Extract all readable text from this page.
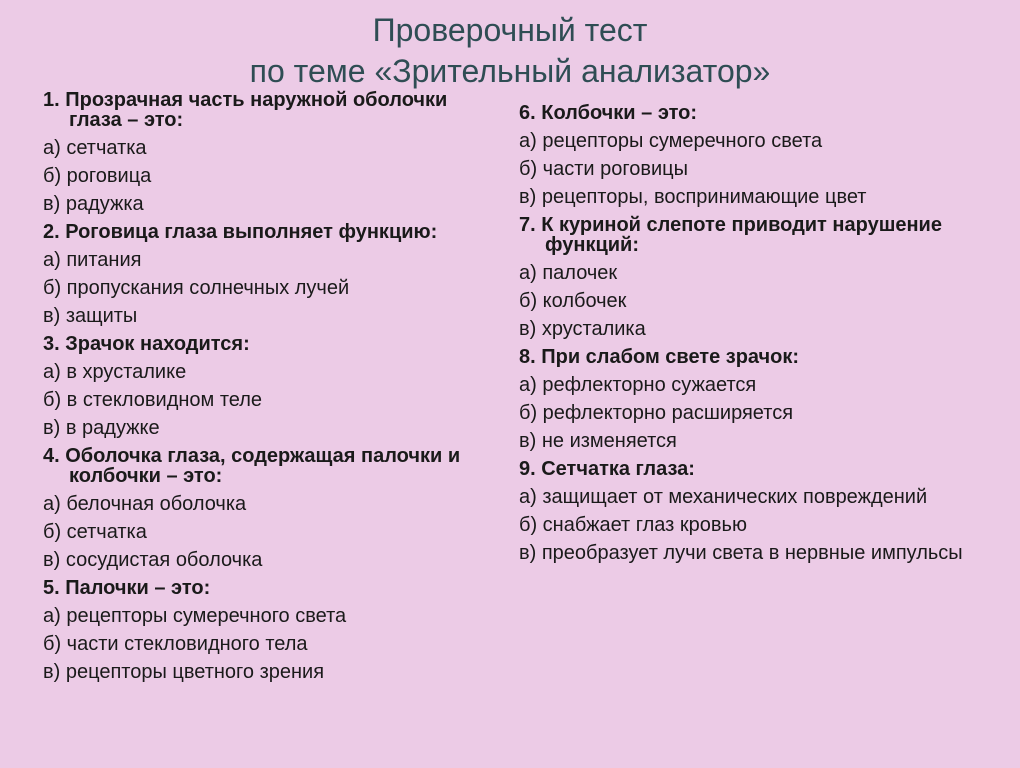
Проверочный тест
по теме «Зрительный анализатор»
1. Прозрачная часть наружной оболочки глаза – это:
а) сетчатка
б) роговица
в) радужка
2. Роговица глаза выполняет функцию:
а) питания
б) пропускания солнечных лучей
в) защиты
3. Зрачок находится:
а) в хрусталике
б) в стекловидном теле
в) в радужке
4. Оболочка глаза, содержащая палочки и колбочки – это:
а) белочная оболочка
б) сетчатка
в) сосудистая оболочка
5. Палочки – это:
а) рецепторы сумеречного света
б) части стекловидного тела
в) рецепторы цветного зрения
6. Колбочки – это:
а) рецепторы сумеречного света
б) части роговицы
в) рецепторы, воспринимающие цвет
7. К куриной слепоте приводит нарушение функций:
а) палочек
б) колбочек
в) хрусталика
8. При слабом свете зрачок:
а) рефлекторно сужается
б) рефлекторно расширяется
в) не изменяется
9. Сетчатка глаза:
а) защищает от механических повреждений
б) снабжает глаз кровью
в) преобразует лучи света в нервные импульсы
